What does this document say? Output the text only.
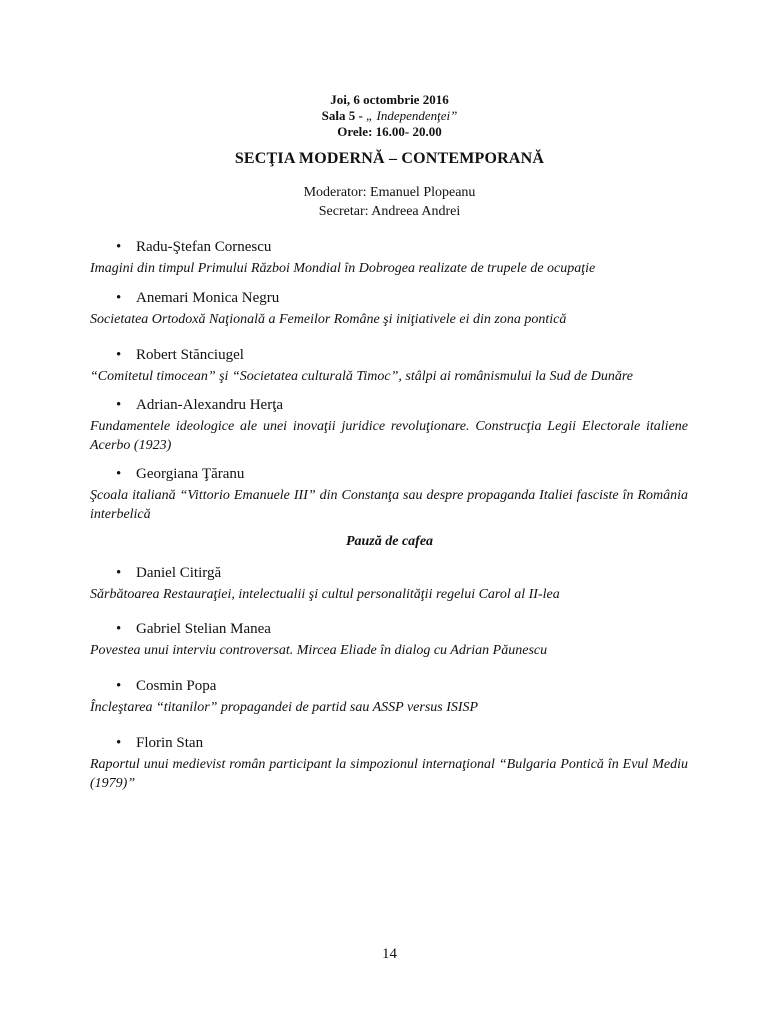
Joi, 6 octombrie 2016
Sala 5 - „ Independenţei”
Orele: 16.00- 20.00
SECŢIA MODERNĂ – CONTEMPORANĂ
Moderator: Emanuel Plopeanu
Secretar: Andreea Andrei
• Radu-Ştefan Cornescu
Imagini din timpul Primului Război Mondial în Dobrogea realizate de trupele de ocupaţie
• Anemari Monica Negru
Societatea Ortodoxă Naţională a Femeilor Române şi iniţiativele ei din zona pontică
• Robert Stănciugel
“Comitetul timocean” şi “Societatea culturală Timoc”, stâlpi ai românismului la Sud de Dunăre
• Adrian-Alexandru Herţa
Fundamentele ideologice ale unei inovaţii juridice revoluţionare. Construcţia Legii Electorale italiene Acerbo (1923)
• Georgiana Ţăranu
Şcoala italiană “Vittorio Emanuele III” din Constanţa sau despre propaganda Italiei fasciste în România interbelică
Pauză de cafea
• Daniel Citirgă
Sărbătoarea Restauraţiei, intelectualii şi cultul personalităţii regelui Carol al II-lea
• Gabriel Stelian Manea
Povestea unui interviu controversat. Mircea Eliade în dialog cu Adrian Păunescu
• Cosmin Popa
Încleştarea “titanilor” propagandei de partid sau ASSP versus ISISP
• Florin Stan
Raportul unui medievist român participant la simpozionul internaţional “Bulgaria Pontică în Evul Mediu (1979)”
14
